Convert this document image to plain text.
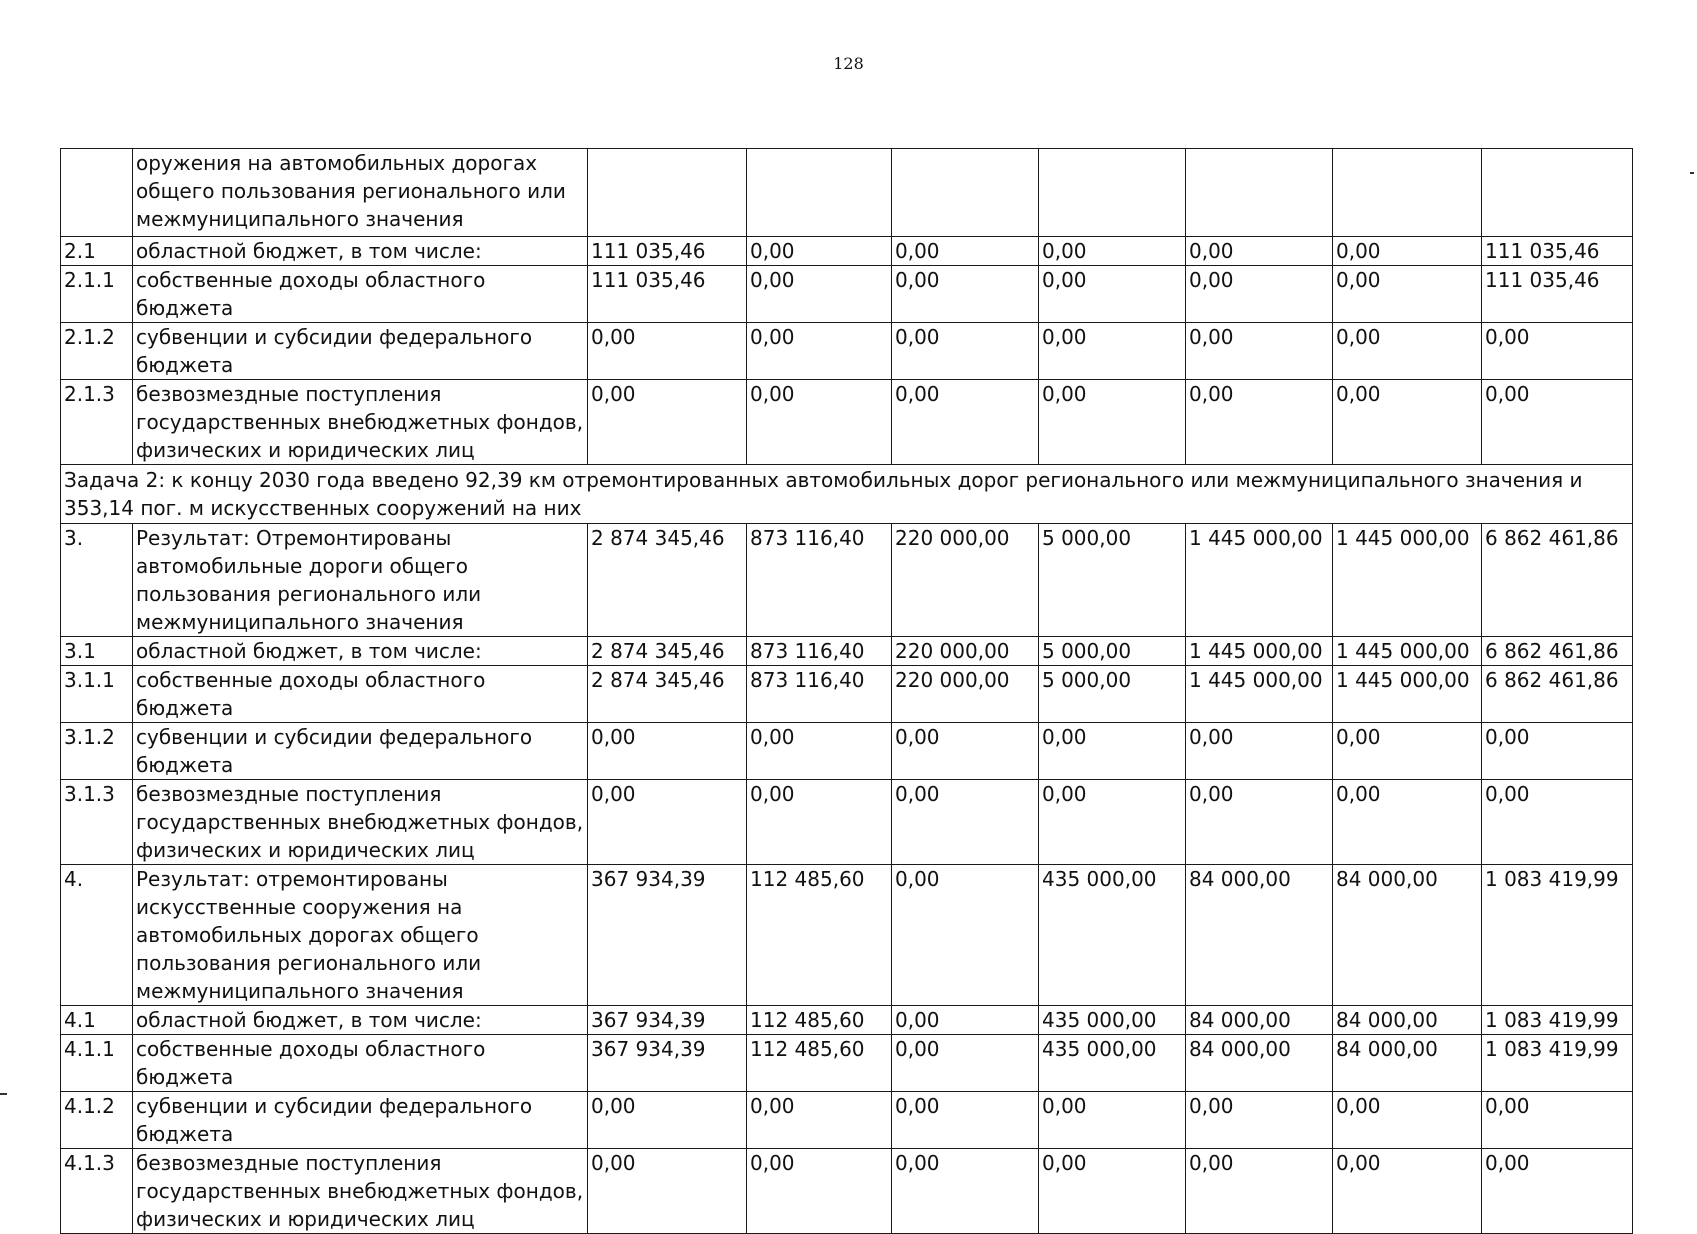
128
	оружения на автомобильных дорогах общего пользования регионального или межмуниципального значения							
2.1	областной бюджет, в том числе:	111 035,46	0,00	0,00	0,00	0,00	0,00	111 035,46
2.1.1	собственные доходы областного бюджета	111 035,46	0,00	0,00	0,00	0,00	0,00	111 035,46
2.1.2	субвенции и субсидии федерального бюджета	0,00	0,00	0,00	0,00	0,00	0,00	0,00
2.1.3	безвозмездные поступления государственных внебюджетных фондов, физических и юридических лиц	0,00	0,00	0,00	0,00	0,00	0,00	0,00
Задача 2: к концу 2030 года введено 92,39 км отремонтированных автомобильных дорог регионального или межмуниципального значения и 353,14 пог. м искусственных сооружений на них								
3.	Результат: Отремонтированы автомобильные дороги общего пользования регионального или межмуниципального значения	2 874 345,46	873 116,40	220 000,00	5 000,00	1 445 000,00	1 445 000,00	6 862 461,86
3.1	областной бюджет, в том числе:	2 874 345,46	873 116,40	220 000,00	5 000,00	1 445 000,00	1 445 000,00	6 862 461,86
3.1.1	собственные доходы областного бюджета	2 874 345,46	873 116,40	220 000,00	5 000,00	1 445 000,00	1 445 000,00	6 862 461,86
3.1.2	субвенции и субсидии федерального бюджета	0,00	0,00	0,00	0,00	0,00	0,00	0,00
3.1.3	безвозмездные поступления государственных внебюджетных фондов, физических и юридических лиц	0,00	0,00	0,00	0,00	0,00	0,00	0,00
4.	Результат: отремонтированы искусственные сооружения на автомобильных дорогах общего пользования регионального или межмуниципального значения	367 934,39	112 485,60	0,00	435 000,00	84 000,00	84 000,00	1 083 419,99
4.1	областной бюджет, в том числе:	367 934,39	112 485,60	0,00	435 000,00	84 000,00	84 000,00	1 083 419,99
4.1.1	собственные доходы областного бюджета	367 934,39	112 485,60	0,00	435 000,00	84 000,00	84 000,00	1 083 419,99
4.1.2	субвенции и субсидии федерального бюджета	0,00	0,00	0,00	0,00	0,00	0,00	0,00
4.1.3	безвозмездные поступления государственных внебюджетных фондов, физических и юридических лиц	0,00	0,00	0,00	0,00	0,00	0,00	0,00
